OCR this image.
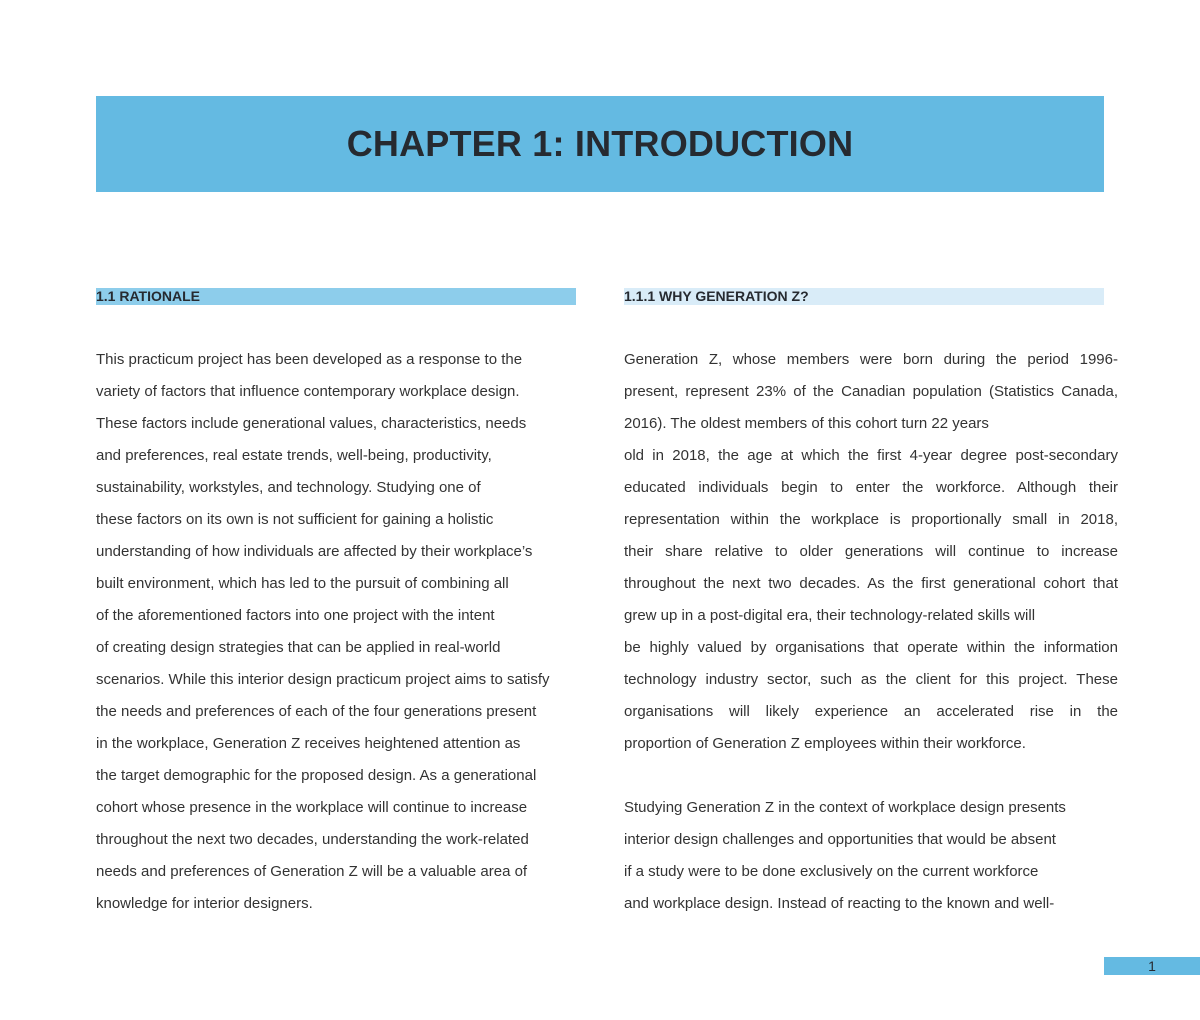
CHAPTER 1: INTRODUCTION
1.1 RATIONALE	1.1.1 WHY GENERATION Z?
This practicum project has been developed as a response to the
variety of factors that influence contemporary workplace design.
These factors include generational values, characteristics, needs
and preferences, real estate trends, well-being, productivity,
sustainability, workstyles, and technology. Studying one of
these factors on its own is not sufficient for gaining a holistic
understanding of how individuals are affected by their workplace’s
built environment, which has led to the pursuit of combining all
of the aforementioned factors into one project with the intent
of creating design strategies that can be applied in real-world
scenarios. While this interior design practicum project aims to satisfy
the needs and preferences of each of the four generations present
in the workplace, Generation Z receives heightened attention as
the target demographic for the proposed design. As a generational
cohort whose presence in the workplace will continue to increase
throughout the next two decades, understanding the work-related
needs and preferences of Generation Z will be a valuable area of
knowledge for interior designers.
Generation Z, whose members were born during the period 1996-
present, represent 23% of the Canadian population (Statistics Canada,
2016). The oldest members of this cohort turn 22 years
old in 2018, the age at which the first 4-year degree post-secondary
educated individuals begin to enter the workforce. Although their
representation within the workplace is proportionally small in 2018,
their share relative to older generations will continue to increase
throughout the next two decades. As the first generational cohort that
grew up in a post-digital era, their technology-related skills will
be highly valued by organisations that operate within the information
technology industry sector, such as the client for this project. These
organisations will likely experience an accelerated rise in the
proportion of Generation Z employees within their workforce.
Studying Generation Z in the context of workplace design presents
interior design challenges and opportunities that would be absent
if a study were to be done exclusively on the current workforce
and workplace design. Instead of reacting to the known and well-
1
